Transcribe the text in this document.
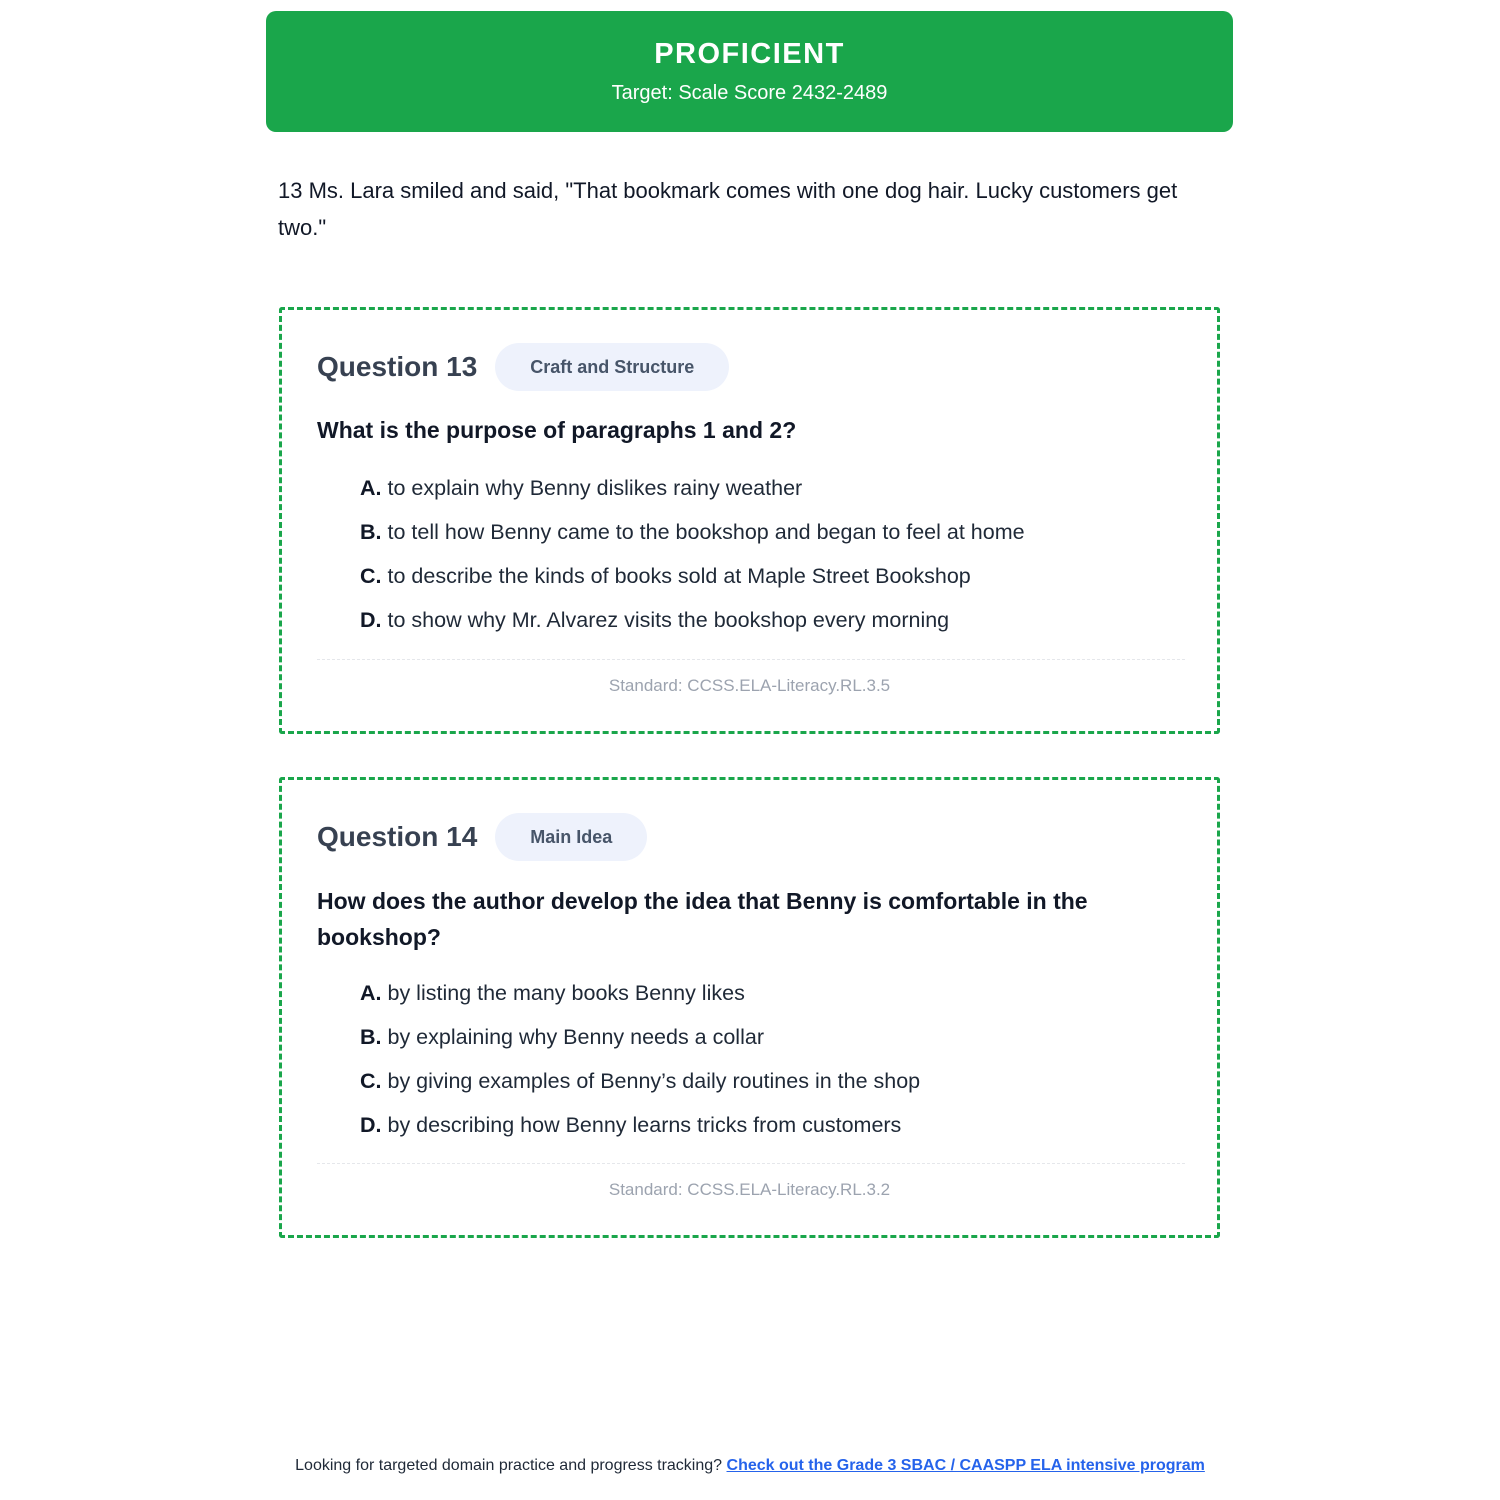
PROFICIENT
Target: Scale Score 2432-2489
13 Ms. Lara smiled and said, "That bookmark comes with one dog hair. Lucky customers get two."
Question 13	Craft and Structure
What is the purpose of paragraphs 1 and 2?
A. to explain why Benny dislikes rainy weather
B. to tell how Benny came to the bookshop and began to feel at home
C. to describe the kinds of books sold at Maple Street Bookshop
D. to show why Mr. Alvarez visits the bookshop every morning
Standard: CCSS.ELA-Literacy.RL.3.5
Question 14	Main Idea
How does the author develop the idea that Benny is comfortable in the bookshop?
A. by listing the many books Benny likes
B. by explaining why Benny needs a collar
C. by giving examples of Benny’s daily routines in the shop
D. by describing how Benny learns tricks from customers
Standard: CCSS.ELA-Literacy.RL.3.2
Looking for targeted domain practice and progress tracking? Check out the Grade 3 SBAC / CAASPP ELA intensive program
